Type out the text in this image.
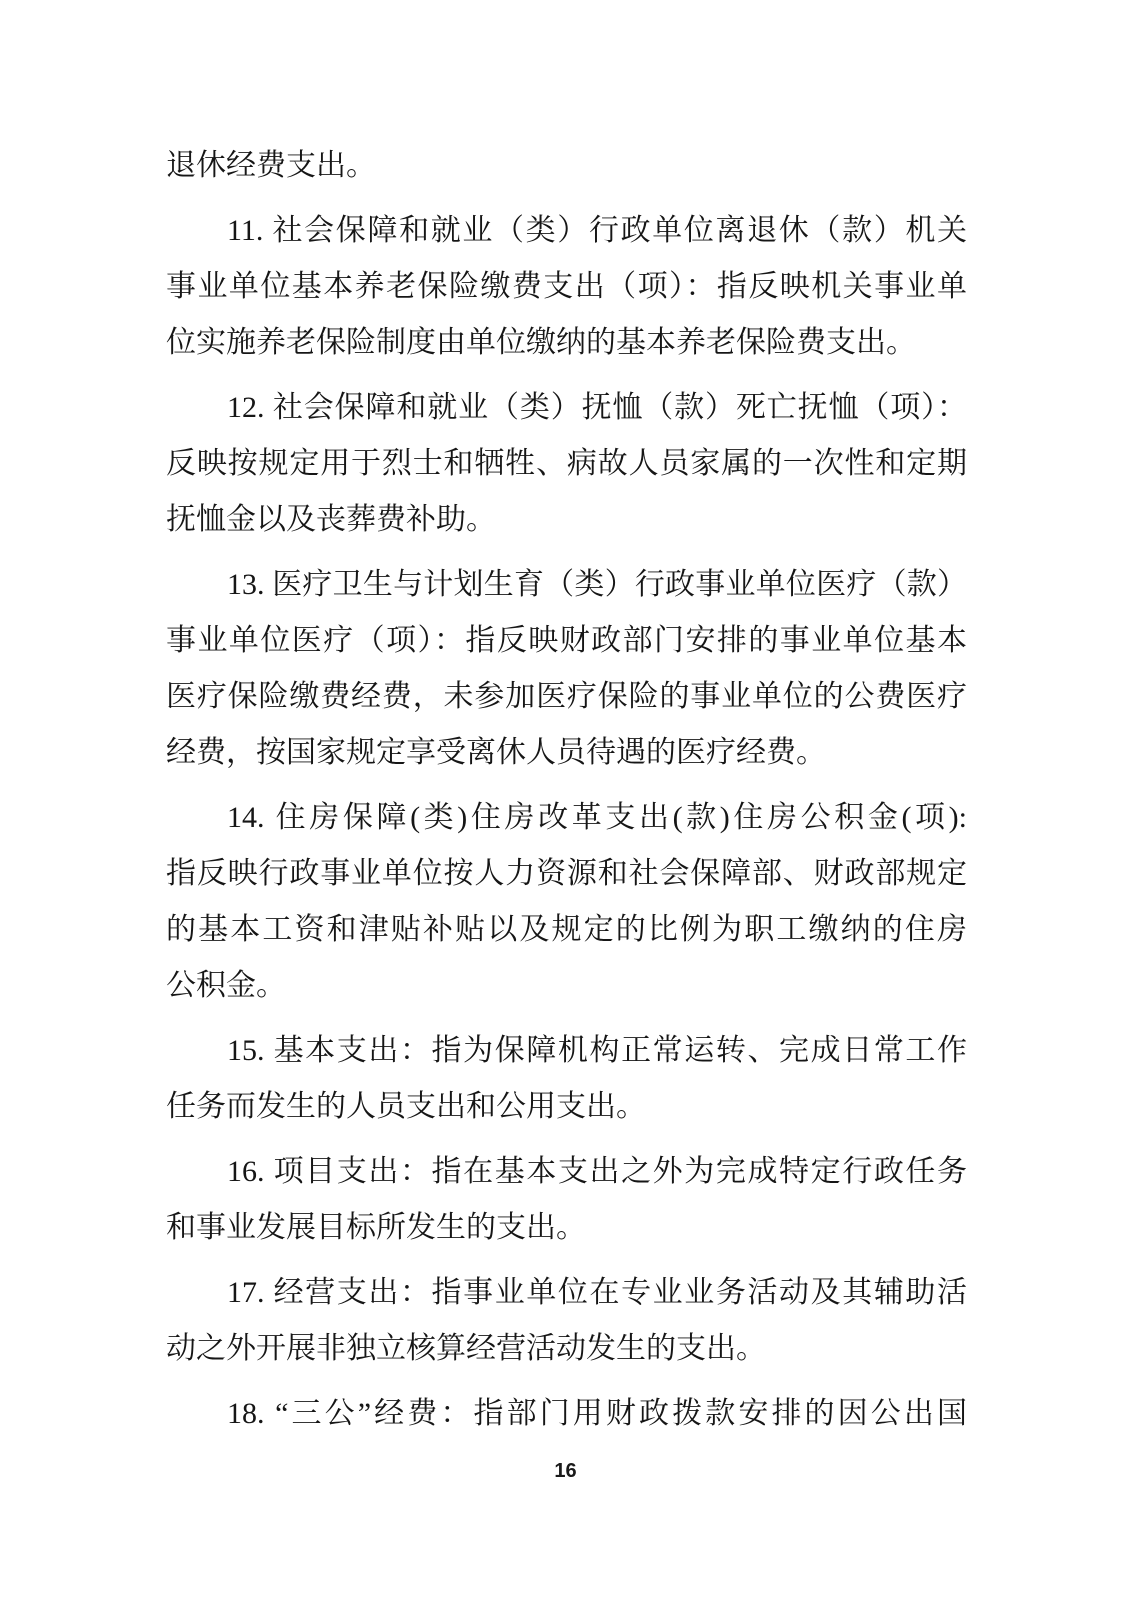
退休经费支出。
11. 社会保障和就业（类）行政单位离退休（款）机关
事业单位基本养老保险缴费支出（项）：指反映机关事业单
位实施养老保险制度由单位缴纳的基本养老保险费支出。
12. 社会保障和就业（类）抚恤（款）死亡抚恤（项）：
反映按规定用于烈士和牺牲、病故人员家属的一次性和定期
抚恤金以及丧葬费补助。
13. 医疗卫生与计划生育（类）行政事业单位医疗（款）
事业单位医疗（项）：指反映财政部门安排的事业单位基本
医疗保险缴费经费，未参加医疗保险的事业单位的公费医疗
经费，按国家规定享受离休人员待遇的医疗经费。
14. 住房保障(类)住房改革支出(款)住房公积金(项):
指反映行政事业单位按人力资源和社会保障部、财政部规定
的基本工资和津贴补贴以及规定的比例为职工缴纳的住房
公积金。
15. 基本支出：指为保障机构正常运转、完成日常工作
任务而发生的人员支出和公用支出。
16. 项目支出：指在基本支出之外为完成特定行政任务
和事业发展目标所发生的支出。
17. 经营支出：指事业单位在专业业务活动及其辅助活
动之外开展非独立核算经营活动发生的支出。
18. “三公”经费：指部门用财政拨款安排的因公出国
16
